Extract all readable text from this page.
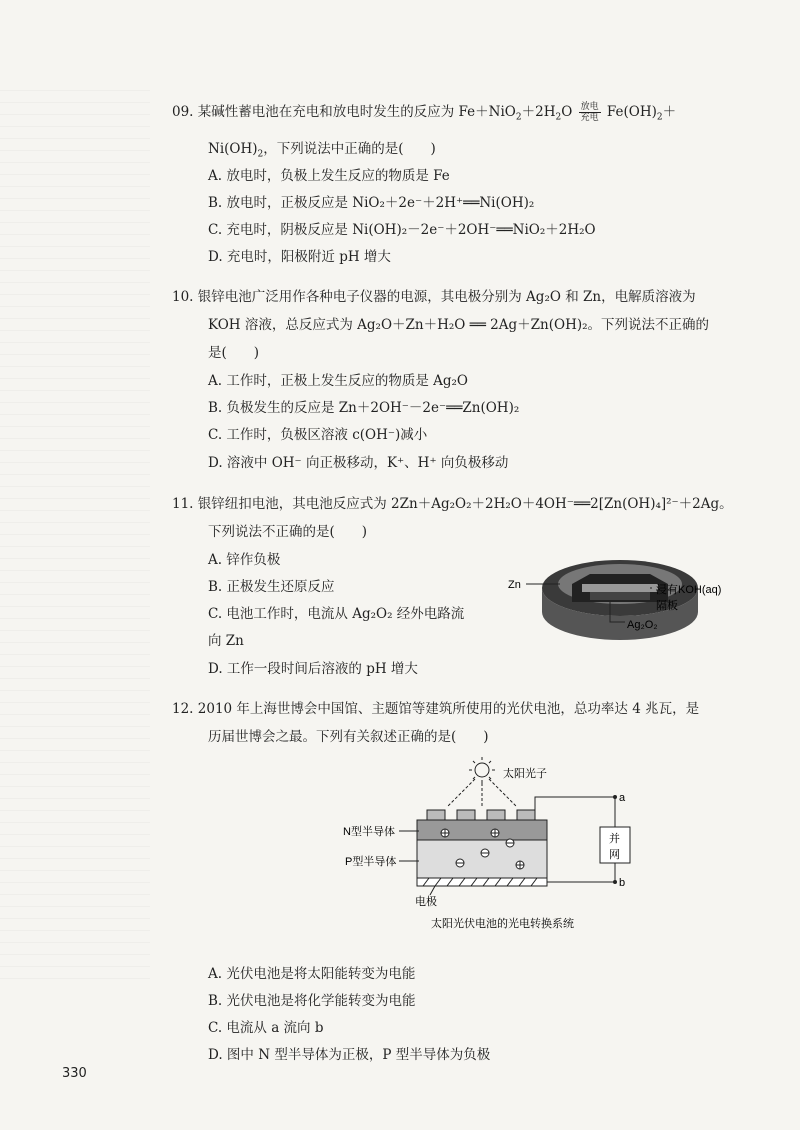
09. 某碱性蓄电池在充电和放电时发生的反应为 $Fe+NiO_2+2H_2O \frac{\text{放电}}{\text{充电}} Fe(OH)_2+$
$Ni(OH)_2$，下列说法中正确的是(　　)
A. 放电时，负极上发生反应的物质是 Fe
B. 放电时，正极反应是 NiO₂＋2e⁻＋2H⁺══Ni(OH)₂
C. 充电时，阴极反应是 Ni(OH)₂－2e⁻＋2OH⁻══NiO₂＋2H₂O
D. 充电时，阳极附近 pH 增大
10. 银锌电池广泛用作各种电子仪器的电源，其电极分别为 Ag₂O 和 Zn，电解质溶液为
KOH 溶液，总反应式为 Ag₂O＋Zn＋H₂O ══ 2Ag＋Zn(OH)₂。下列说法不正确的
是(　　)
A. 工作时，正极上发生反应的物质是 Ag₂O
B. 负极发生的反应是 Zn＋2OH⁻－2e⁻══Zn(OH)₂
C. 工作时，负极区溶液 c(OH⁻)减小
D. 溶液中 OH⁻ 向正极移动，K⁺、H⁺ 向负极移动
11. 银锌纽扣电池，其电池反应式为 2Zn＋Ag₂O₂＋2H₂O＋4OH⁻══2[Zn(OH)₄]²⁻＋2Ag。
下列说法不正确的是(　　)
A. 锌作负极
B. 正极发生还原反应
C. 电池工作时，电流从 Ag₂O₂ 经外电路流
向 Zn
D. 工作一段时间后溶液的 pH 增大
Zn	浸有KOH(aq)
隔板
Ag₂O₂
12. 2010 年上海世博会中国馆、主题馆等建筑所使用的光伏电池，总功率达 4 兆瓦，是
历届世博会之最。下列有关叙述正确的是(　　)
太阳光子
并
网
a
b
N型半导体
P型半导体
电极
太阳光伏电池的光电转换系统
A. 光伏电池是将太阳能转变为电能
B. 光伏电池是将化学能转变为电能
C. 电流从 a 流向 b
D. 图中 N 型半导体为正极，P 型半导体为负极
330
